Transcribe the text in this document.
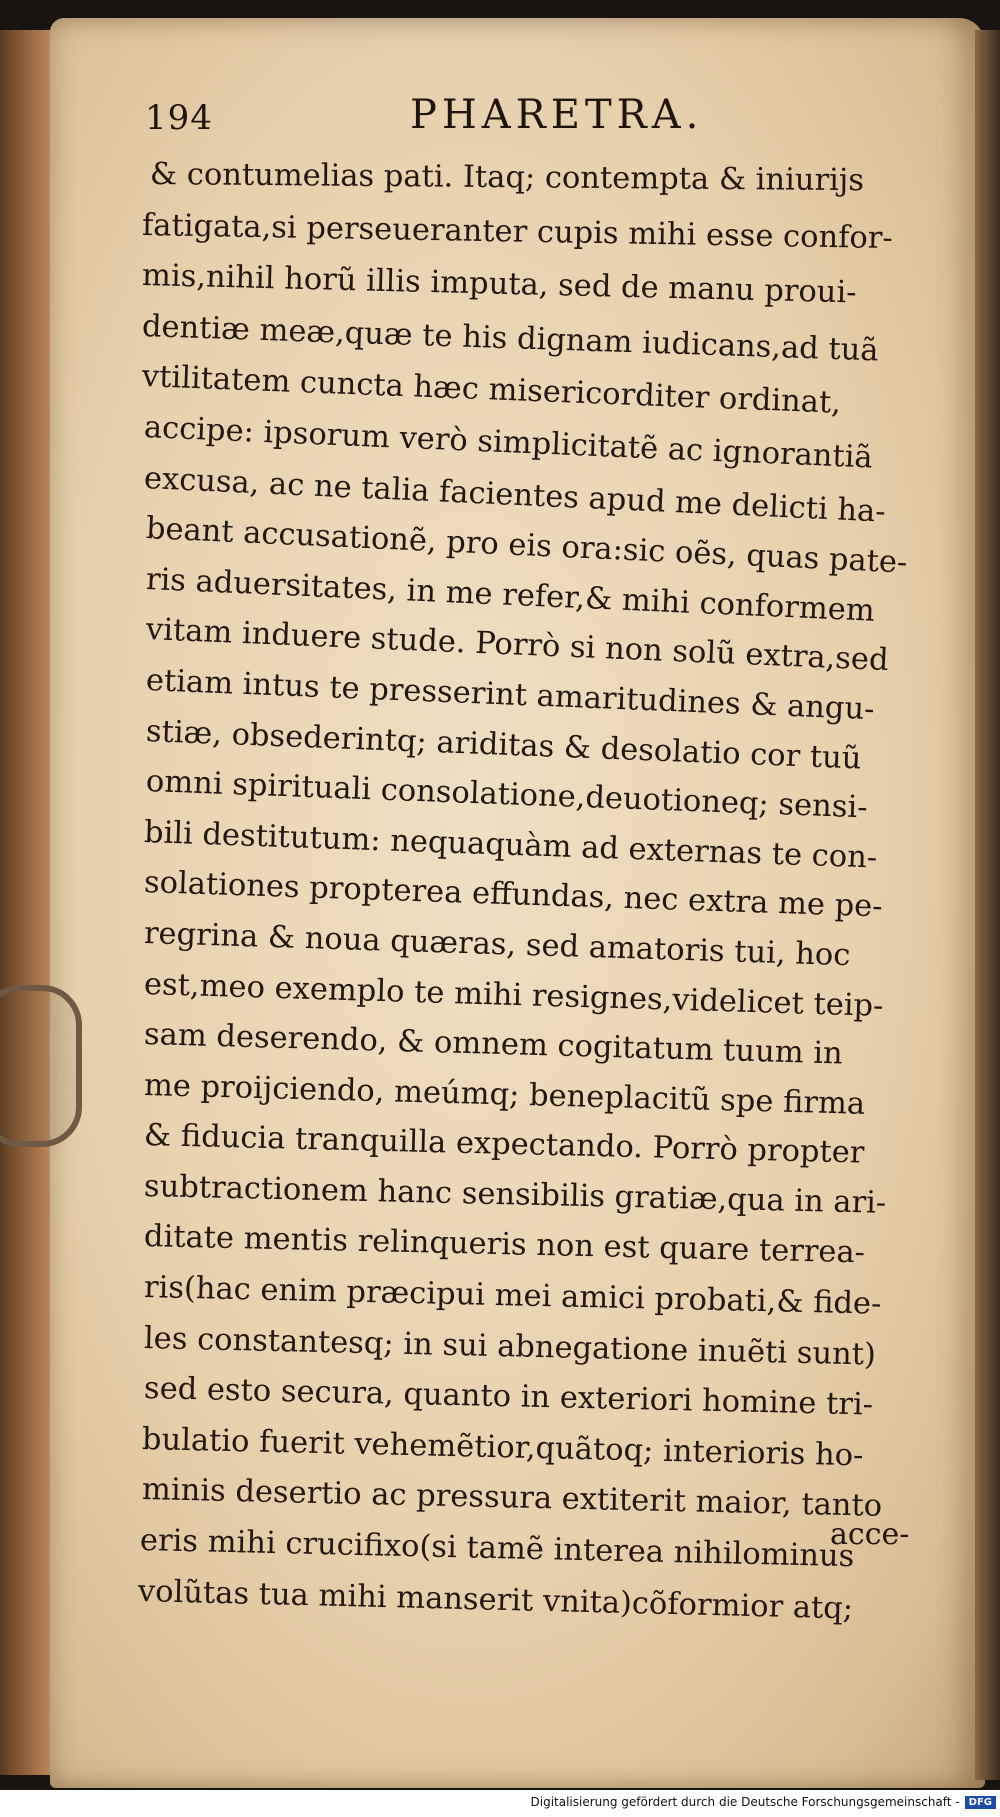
194	PHARETRA.
& contumelias pati. Itaq; contempta & iniurijs
fatigata,si perseueranter cupis mihi esse confor-
mis,nihil horũ illis imputa, sed de manu proui-
dentiæ meæ,quæ te his dignam iudicans,ad tuã
vtilitatem cuncta hæc misericorditer ordinat,
accipe: ipsorum verò simplicitatẽ ac ignorantiã
excusa, ac ne talia facientes apud me delicti ha-
beant accusationẽ, pro eis ora:sic oẽs, quas pate-
ris aduersitates, in me refer,& mihi conformem
vitam induere stude. Porrò si non solũ extra,sed
etiam intus te presserint amaritudines & angu-
stiæ, obsederintq; ariditas & desolatio cor tuũ
omni spirituali consolatione,deuotioneq; sensi-
bili destitutum: nequaquàm ad externas te con-
solationes propterea effundas, nec extra me pe-
regrina & noua quæras, sed amatoris tui, hoc
est,meo exemplo te mihi resignes,videlicet teip-
sam deserendo, & omnem cogitatum tuum in
me proijciendo, meúmq; beneplacitũ spe firma
& fiducia tranquilla expectando. Porrò propter
subtractionem hanc sensibilis gratiæ,qua in ari-
ditate mentis relinqueris non est quare terrea-
ris(hac enim præcipui mei amici probati,& fide-
les constantesq; in sui abnegatione inuẽti sunt)
sed esto secura, quanto in exteriori homine tri-
bulatio fuerit vehemẽtior,quãtoq; interioris ho-
minis desertio ac pressura extiterit maior, tanto
eris mihi crucifixo(si tamẽ interea nihilominus
volũtas tua mihi manserit vnita)cõformior atq;
acce-
Digitalisierung gefördert durch die Deutsche Forschungsgemeinschaft - DFG
